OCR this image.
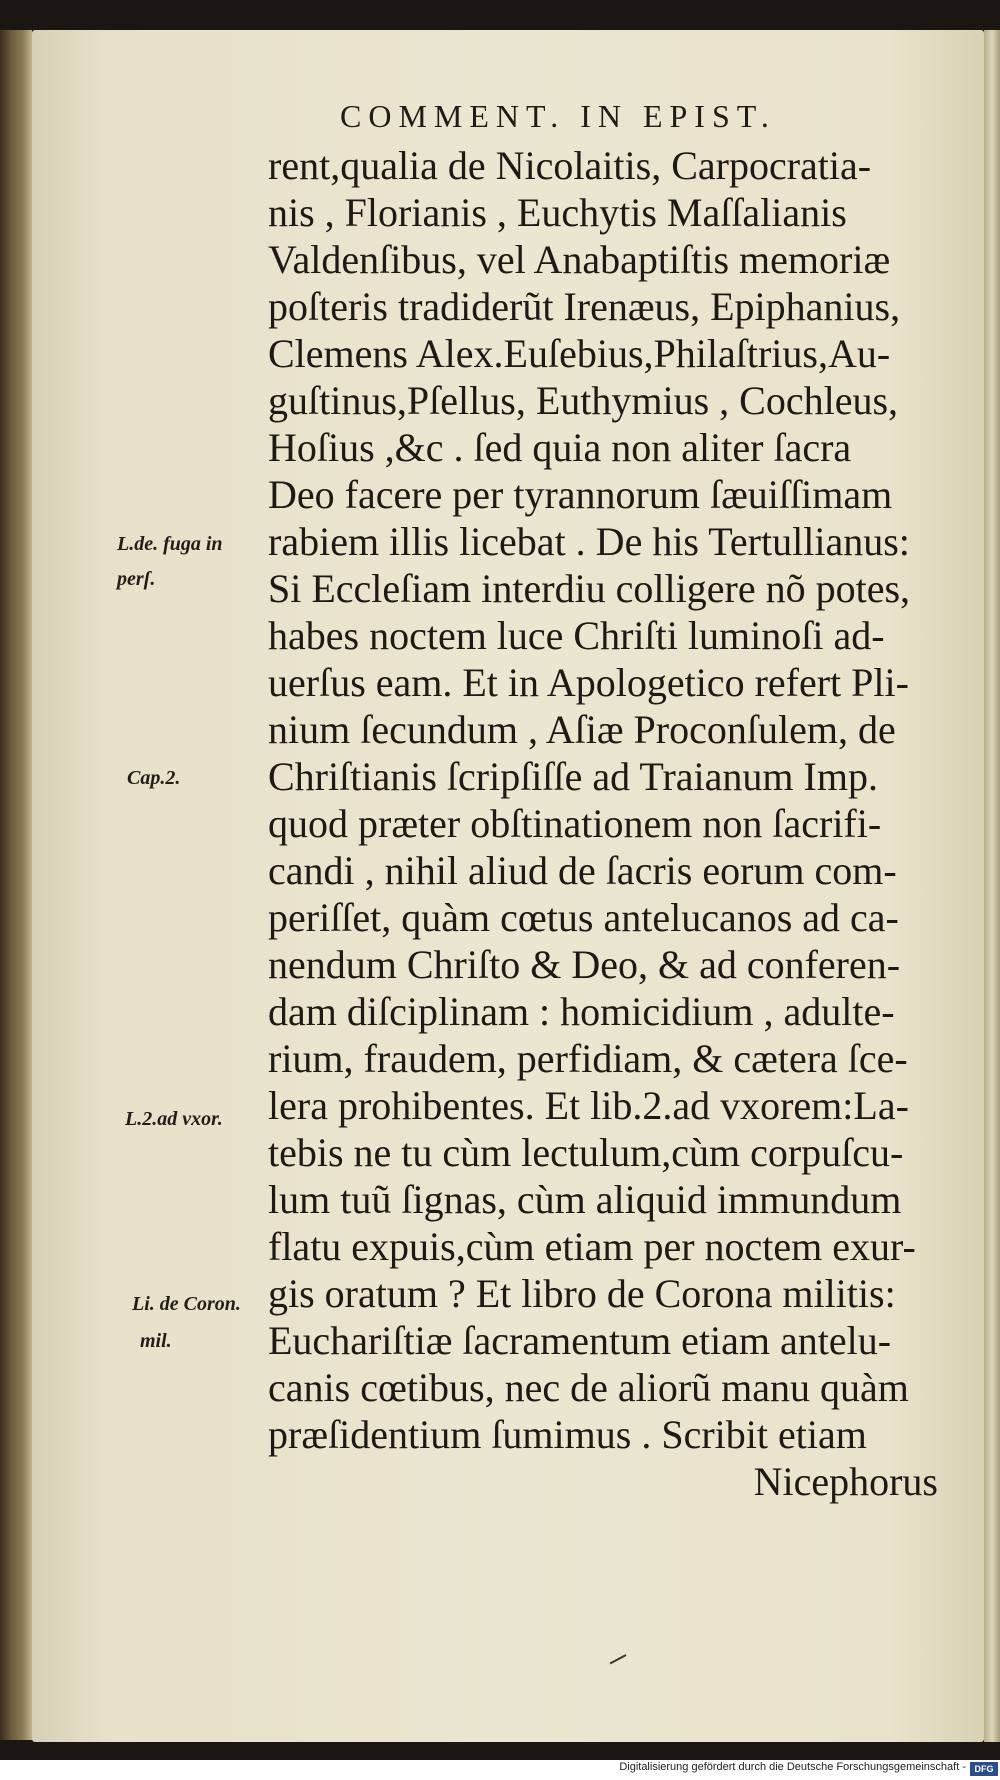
COMMENT. IN EPIST.
rent,qualia de Nicolaitis, Carpocratia-
nis , Florianis , Euchytis Maſſalianis
Valdenſibus, vel Anabaptiſtis memoriæ
poſteris tradiderũt Irenæus, Epiphanius,
Clemens Alex.Euſebius,Philaſtrius,Au-
guſtinus,Pſellus, Euthymius , Cochleus,
Hoſius ,&c . ſed quia non aliter ſacra
Deo facere per tyrannorum ſæuiſſimam
rabiem illis licebat . De his Tertullianus:
Si Eccleſiam interdiu colligere nõ potes,
habes noctem luce Chriſti luminoſi ad-
uerſus eam. Et in Apologetico refert Pli-
nium ſecundum , Aſiæ Proconſulem, de
Chriſtianis ſcripſiſſe ad Traianum Imp.
quod præter obſtinationem non ſacrifi-
candi , nihil aliud de ſacris eorum com-
periſſet, quàm cœtus antelucanos ad ca-
nendum Chriſto & Deo, & ad conferen-
dam diſciplinam : homicidium , adulte-
rium, fraudem, perfidiam, & cætera ſce-
lera prohibentes. Et lib.2.ad vxorem:La-
tebis ne tu cùm lectulum,cùm corpuſcu-
lum tuũ ſignas, cùm aliquid immundum
flatu expuis,cùm etiam per noctem exur-
gis oratum ? Et libro de Corona militis:
Euchariſtiæ ſacramentum etiam antelu-
canis cœtibus, nec de aliorũ manu quàm
præſidentium ſumimus . Scribit etiam
Nicephorus
L.de. fuga in
perſ.
Cap.2.
L.2.ad vxor.
Li. de Coron.
mil.
Digitalisierung gefördert durch die Deutsche Forschungsgemeinschaft - DFG
